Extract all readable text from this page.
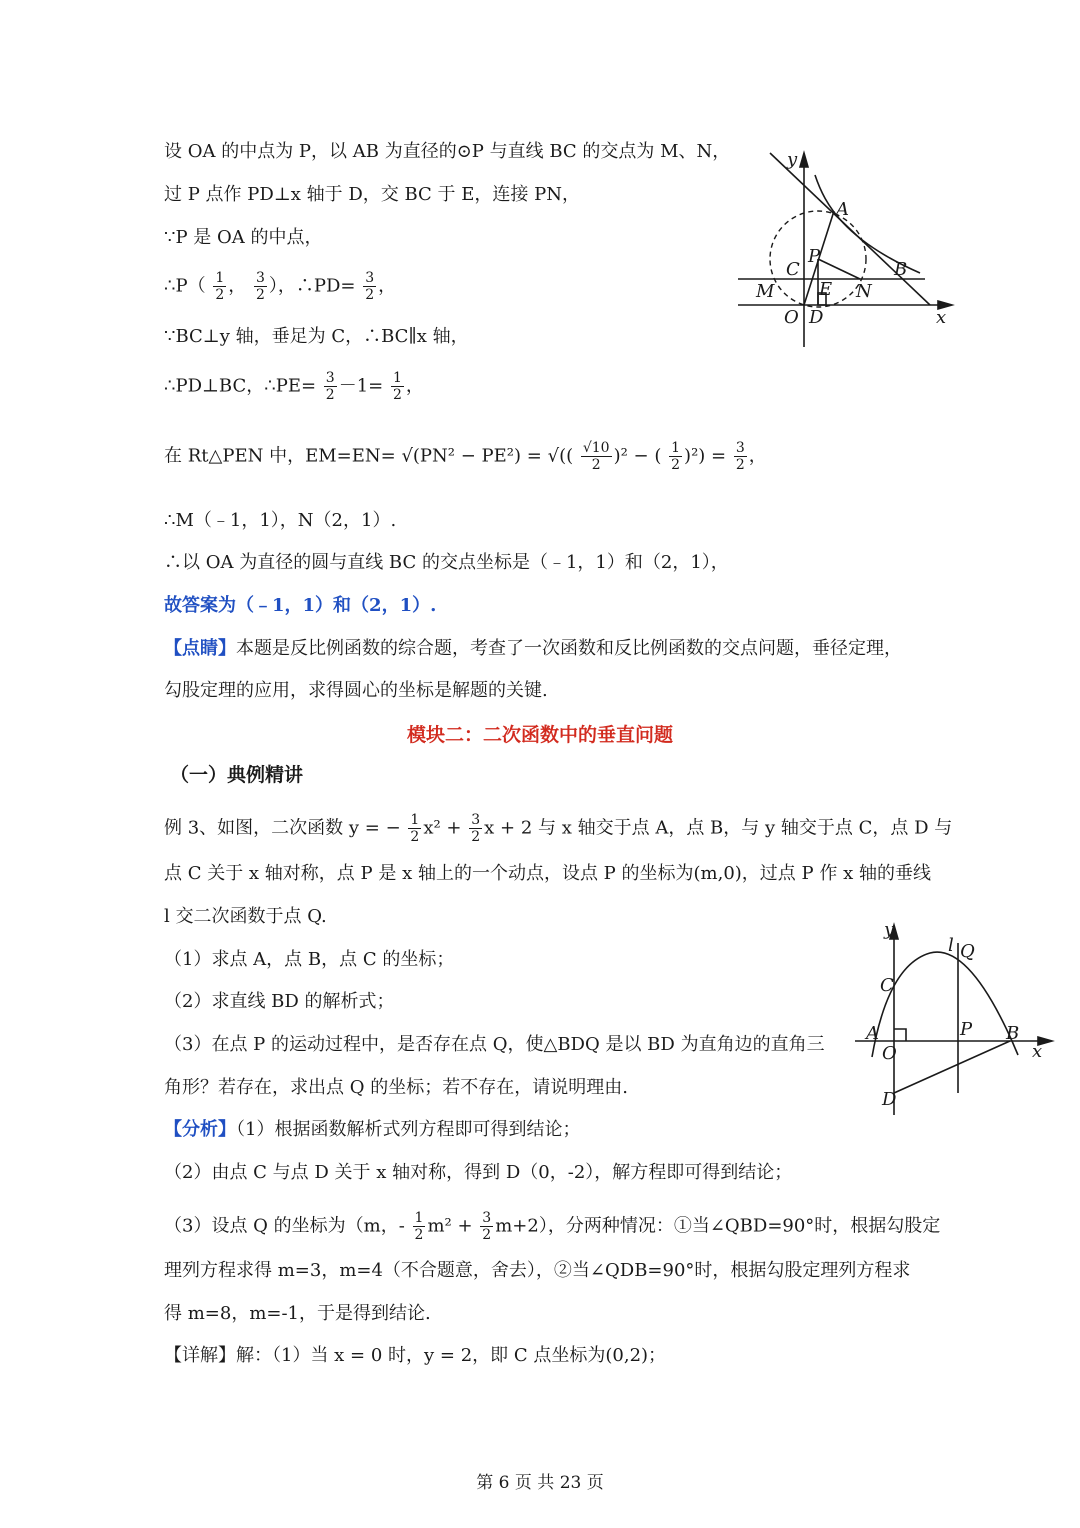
设 OA 的中点为 P，以 AB 为直径的⊙P 与直线 BC 的交点为 M、N，
过 P 点作 PD⊥x 轴于 D，交 BC 于 E，连接 PN，
∵P 是 OA 的中点，
∴P（ $\frac{1}{2}$ ， $\frac{3}{2}$ ），∴PD= $\frac{3}{2}$ ，
∵BC⊥y 轴，垂足为 C，∴BC∥x 轴，
∴PD⊥BC，∴PE= $\frac{3}{2} -1= \frac{1}{2}$ ，
在 Rt△PEN 中，EM=EN= √(PN² − PE²) = √(( $\frac{√10}{2} )^2$ − ( $\frac{1}{2} )^2) = \frac{3}{2}$ ，
∴M（﹣1，1），N（2，1）.
∴以 OA 为直径的圆与直线 BC 的交点坐标是（﹣1，1）和（2，1），
故答案为（﹣1，1）和（2，1）.
【点睛】本题是反比例函数的综合题，考查了一次函数和反比例函数的交点问题，垂径定理，
勾股定理的应用，求得圆心的坐标是解题的关键.
y
A
P
C	B
M E N
O D	x
模块二：二次函数中的垂直问题
（一）典例精讲
例 3、如图，二次函数 y = − $\frac{1}{2} x^2 + \frac{3}{2}$ x + 2 与 x 轴交于点 A，点 B，与 y 轴交于点 C，点 D 与
点 C 关于 x 轴对称，点 P 是 x 轴上的一个动点，设点 P 的坐标为(m,0)，过点 P 作 x 轴的垂线
l 交二次函数于点 Q.
（1）求点 A，点 B，点 C 的坐标；
（2）求直线 BD 的解析式；
（3）在点 P 的运动过程中，是否存在点 Q，使△BDQ 是以 BD 为直角边的直角三
角形？若存在，求出点 Q 的坐标；若不存在，请说明理由.
【分析】（1）根据函数解析式列方程即可得到结论；
（2）由点 C 与点 D 关于 x 轴对称，得到 D（0，-2），解方程即可得到结论；
（3）设点 Q 的坐标为（m，- $\frac{1}{2} m^2 + \frac{3}{2} m+2$），分两种情况：①当∠QBD=90°时，根据勾股定
理列方程求得 m=3，m=4（不合题意，舍去），②当∠QDB=90°时，根据勾股定理列方程求
得 m=8，m=-1，于是得到结论.
【详解】解：（1）当 x = 0 时，y = 2，即 C 点坐标为(0,2)；
y
l Q
C
A	P B
x
O
D
第 6 页 共 23 页
